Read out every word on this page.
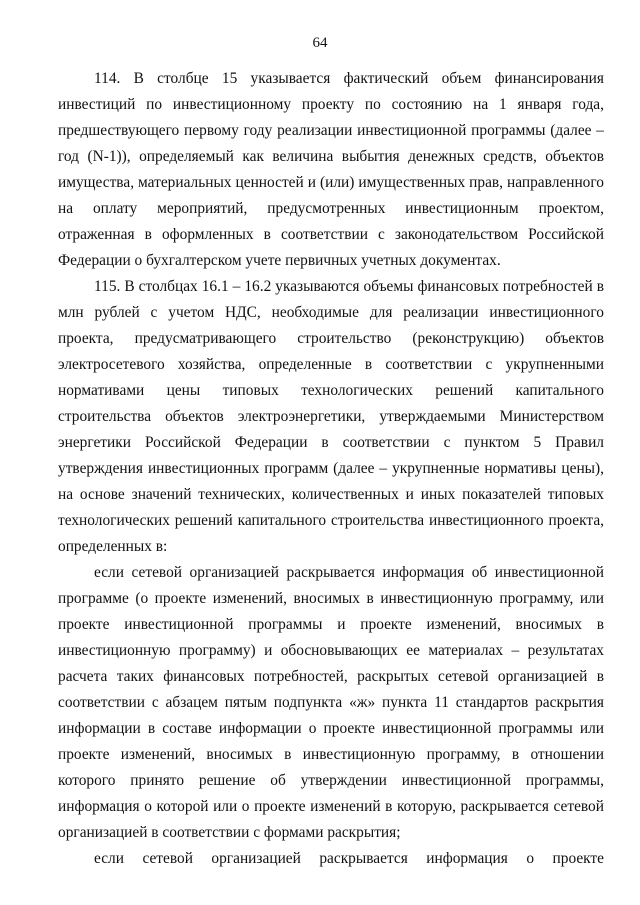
64

114. В столбце 15 указывается фактический объем финансирования инвестиций по инвестиционному проекту по состоянию на 1 января года, предшествующего первому году реализации инвестиционной программы (далее – год (N-1)), определяемый как величина выбытия денежных средств, объектов имущества, материальных ценностей и (или) имущественных прав, направленного на оплату мероприятий, предусмотренных инвестиционным проектом, отраженная в оформленных в соответствии с законодательством Российской Федерации о бухгалтерском учете первичных учетных документах.

115. В столбцах 16.1 – 16.2 указываются объемы финансовых потребностей в млн рублей с учетом НДС, необходимые для реализации инвестиционного проекта, предусматривающего строительство (реконструкцию) объектов электросетевого хозяйства, определенные в соответствии с укрупненными нормативами цены типовых технологических решений капитального строительства объектов электроэнергетики, утверждаемыми Министерством энергетики Российской Федерации в соответствии с пунктом 5 Правил утверждения инвестиционных программ (далее – укрупненные нормативы цены), на основе значений технических, количественных и иных показателей типовых технологических решений капитального строительства инвестиционного проекта, определенных в:

если сетевой организацией раскрывается информация об инвестиционной программе (о проекте изменений, вносимых в инвестиционную программу, или проекте инвестиционной программы и проекте изменений, вносимых в инвестиционную программу) и обосновывающих ее материалах – результатах расчета таких финансовых потребностей, раскрытых сетевой организацией в соответствии с абзацем пятым подпункта «ж» пункта 11 стандартов раскрытия информации в составе информации о проекте инвестиционной программы или проекте изменений, вносимых в инвестиционную программу, в отношении которого принято решение об утверждении инвестиционной программы, информация о которой или о проекте изменений в которую, раскрывается сетевой организацией в соответствии с формами раскрытия;

если сетевой организацией раскрывается информация о проекте
